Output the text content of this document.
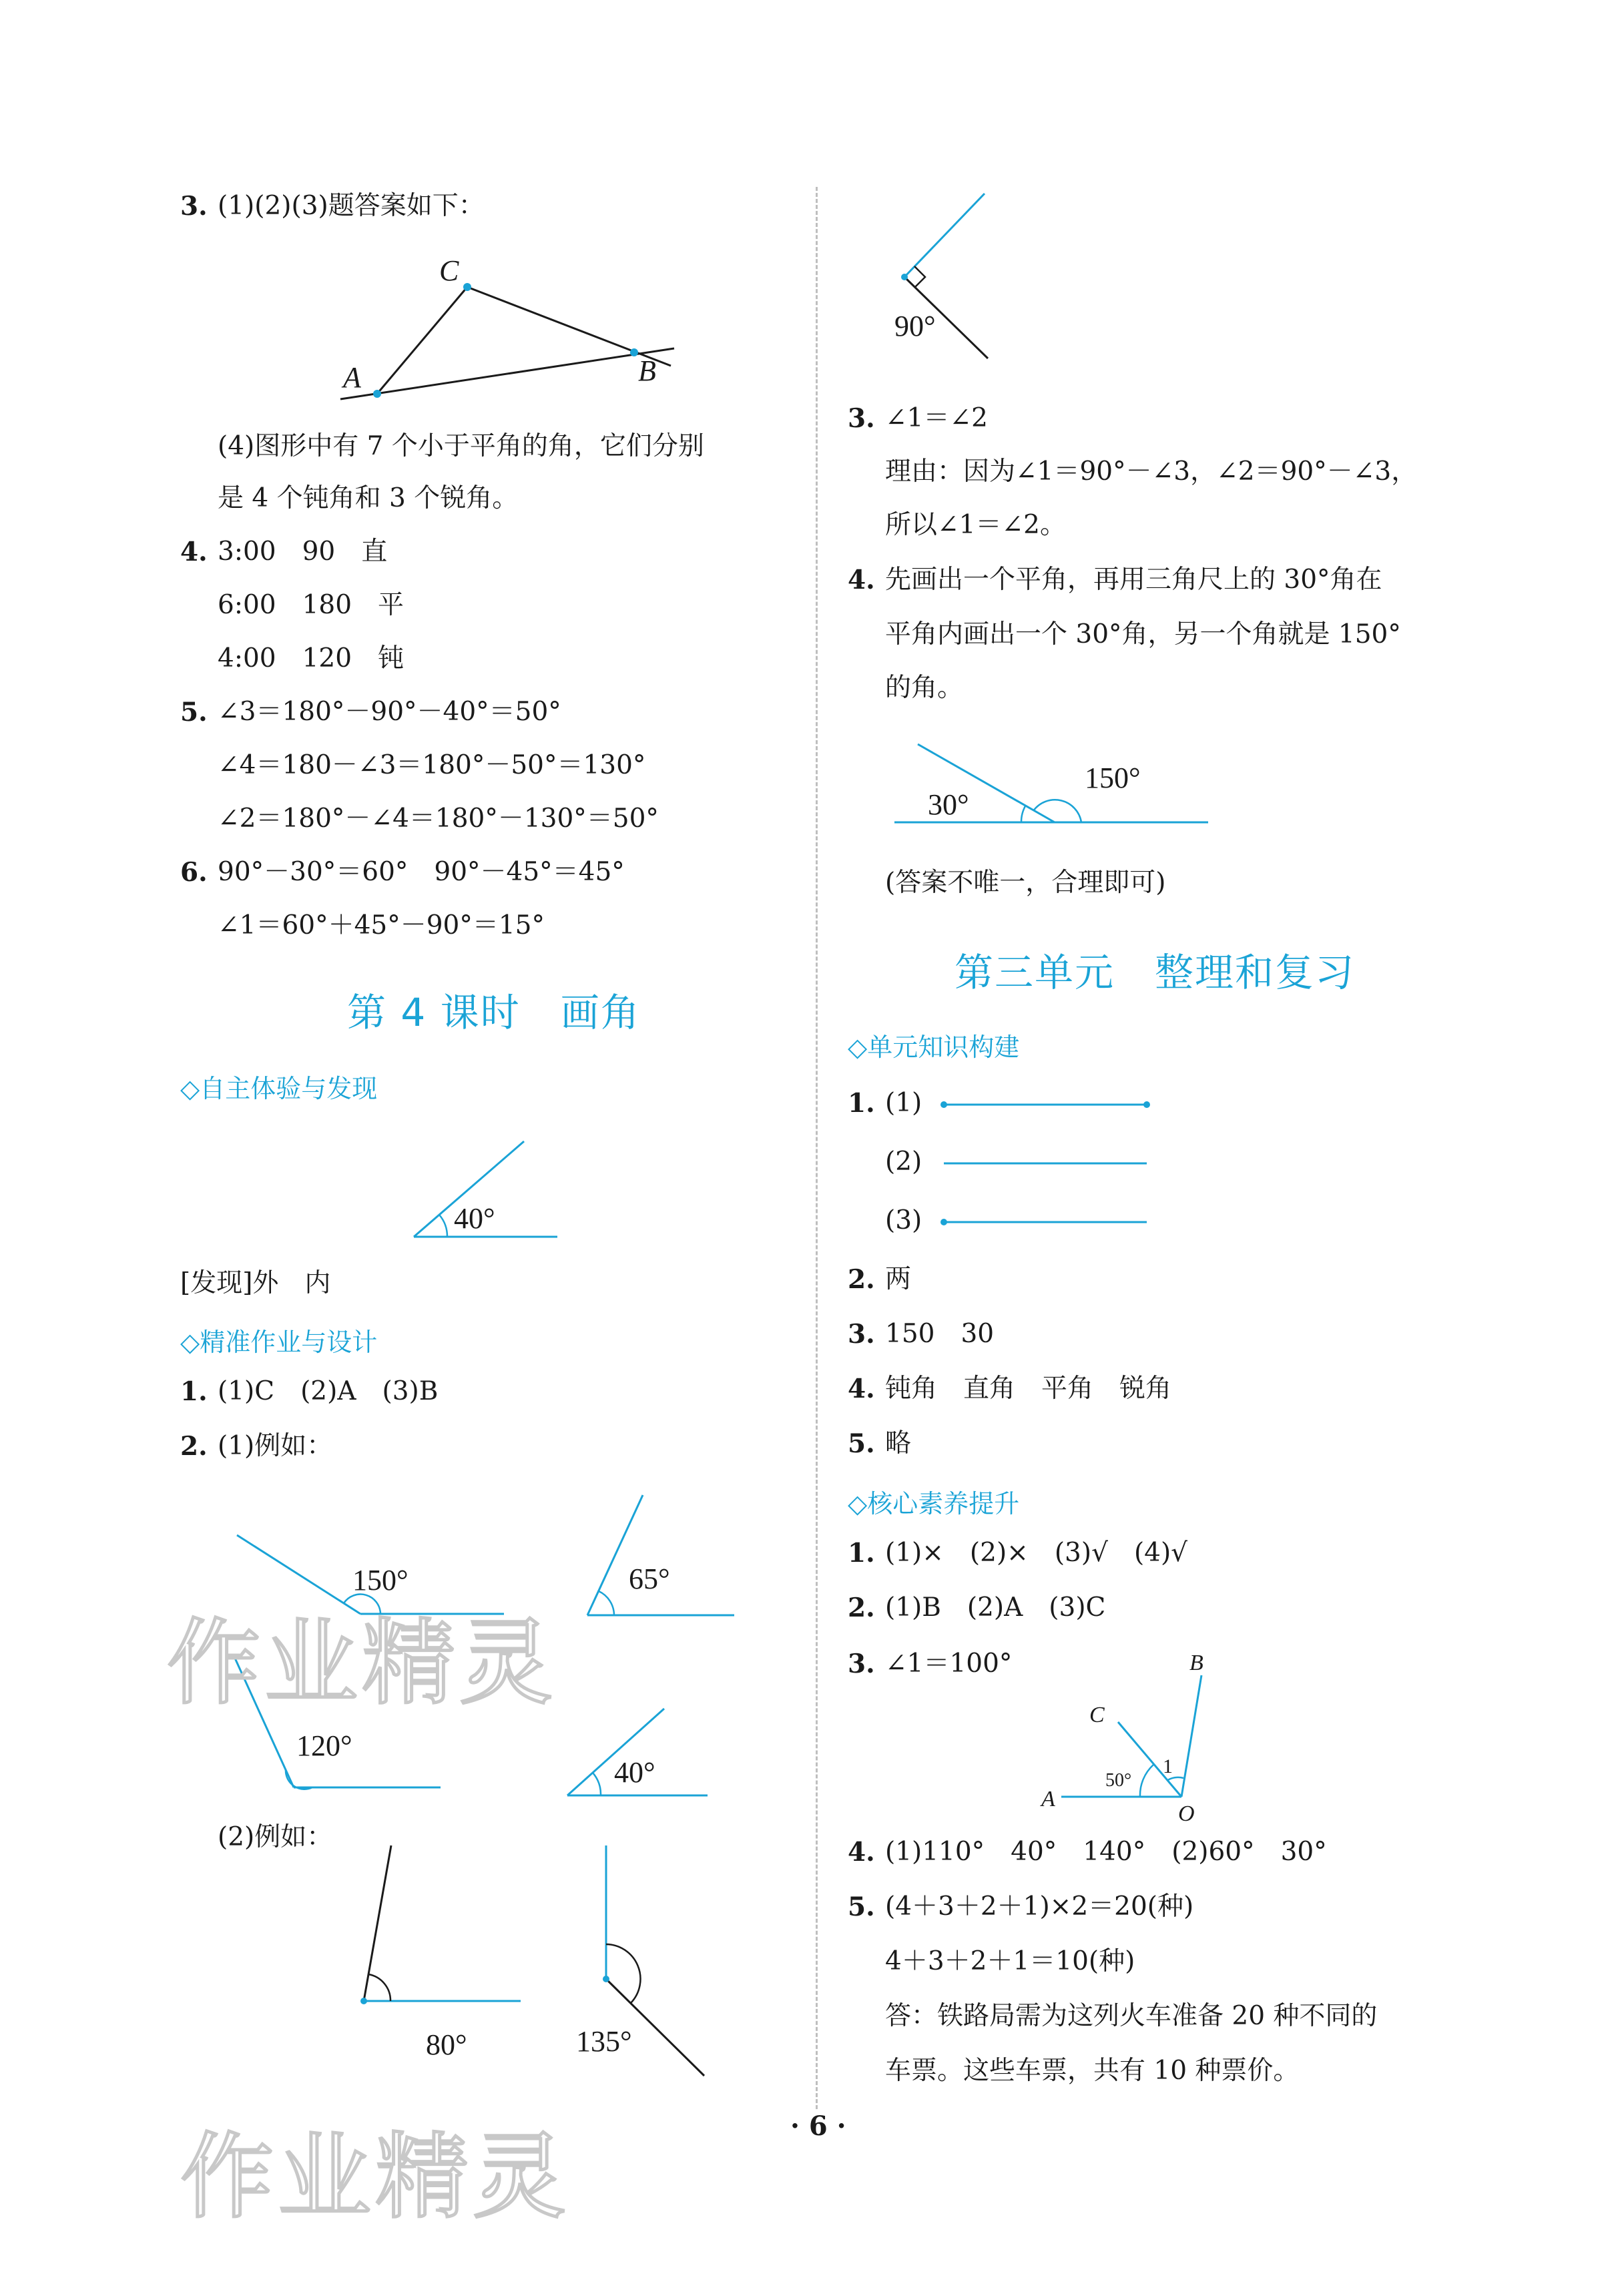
3. (1)(2)(3)题答案如下：
C
A	B
(4)图形中有 7 个小于平角的角，它们分别
是 4 个钝角和 3 个锐角。
4. 3:00　90　直
6:00　180　平
4:00　120　钝
5. ∠3＝180°－90°－40°＝50°
∠4＝180－∠3＝180°－50°＝130°
∠2＝180°－∠4＝180°－130°＝50°
6. 90°－30°＝60°　90°－45°＝45°
∠1＝60°＋45°－90°＝15°
第 4 课时　画角
◇自主体验与发现
40°
[发现]外　内
◇精准作业与设计
1. (1)C　(2)A　(3)B
2. (1)例如：
150°	65°
120°
40°
(2)例如：
80°	135°
90°
3. ∠1＝∠2
理由：因为∠1＝90°－∠3，∠2＝90°－∠3，
所以∠1＝∠2。
4. 先画出一个平角，再用三角尺上的 30°角在
平角内画出一个 30°角，另一个角就是 150°
的角。
30°
150°
(答案不唯一，合理即可)
第三单元　整理和复习
◇单元知识构建
1. (1)
(2)
(3)
2. 两
3. 150　30
4. 钝角　直角　平角　锐角
5. 略
◇核心素养提升
1. (1)×　(2)×　(3)√　(4)√
2. (1)B　(2)A　(3)C
3. ∠1＝100°
C
B
A
O
50°
1
4. (1)110°　40°　140°　(2)60°　30°
5. (4＋3＋2＋1)×2＝20(种)
4＋3＋2＋1＝10(种)
答：铁路局需为这列火车准备 20 种不同的
车票。这些车票，共有 10 种票价。
· 6 ·
作业精灵
作业精灵
